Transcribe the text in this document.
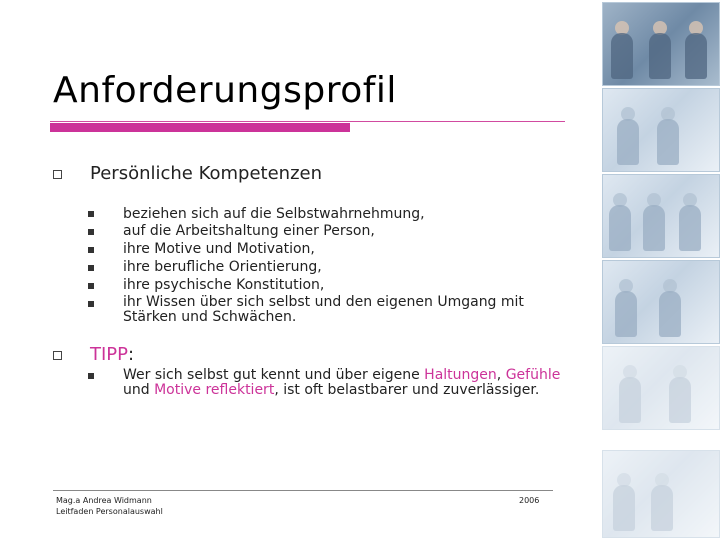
Anforderungsprofil
Persönliche Kompetenzen
beziehen sich auf die Selbstwahrnehmung,
auf die Arbeitshaltung einer Person,
ihre Motive und Motivation,
ihre berufliche Orientierung,
ihre psychische Konstitution,
ihr Wissen über sich selbst und den eigenen Umgang mit Stärken und Schwächen.
TIPP:
Wer sich selbst gut kennt und über eigene Haltungen, Gefühle und Motive reflektiert, ist oft belastbarer und zuverlässiger.
Mag.a Andrea Widmann
Leitfaden Personalauswahl
2006
